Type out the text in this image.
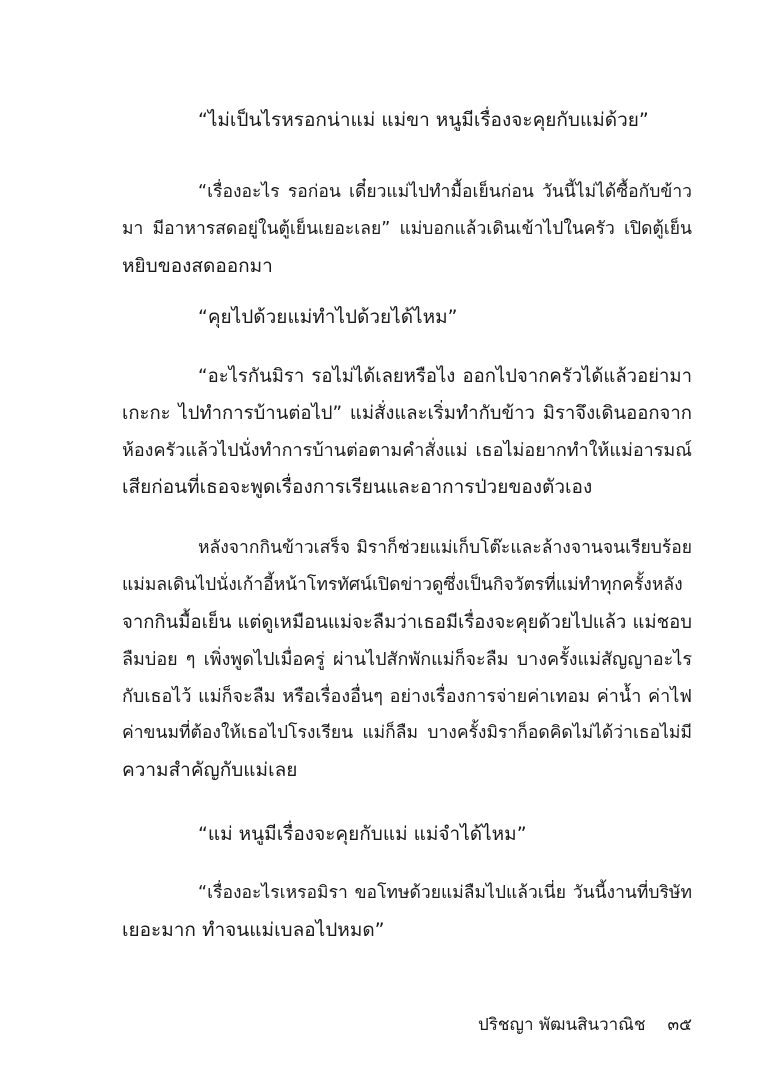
“ไม่เป็นไรหรอกน่าแม่ แม่ขา หนูมีเรื่องจะคุยกับแม่ด้วย”
“เรื่องอะไร รอก่อน เดี๋ยวแม่ไปทำมื้อเย็นก่อน วันนี้ไม่ได้ซื้อกับข้าว
มา มีอาหารสดอยู่ในตู้เย็นเยอะเลย” แม่บอกแล้วเดินเข้าไปในครัว เปิดตู้เย็น
หยิบของสดออกมา
“คุยไปด้วยแม่ทำไปด้วยได้ไหม”
“อะไรกันมิรา รอไม่ได้เลยหรือไง ออกไปจากครัวได้แล้วอย่ามา
เกะกะ ไปทำการบ้านต่อไป” แม่สั่งและเริ่มทำกับข้าว มิราจึงเดินออกจาก
ห้องครัวแล้วไปนั่งทำการบ้านต่อตามคำสั่งแม่ เธอไม่อยากทำให้แม่อารมณ์
เสียก่อนที่เธอจะพูดเรื่องการเรียนและอาการป่วยของตัวเอง
หลังจากกินข้าวเสร็จ มิราก็ช่วยแม่เก็บโต๊ะและล้างจานจนเรียบร้อย
แม่มลเดินไปนั่งเก้าอี้หน้าโทรทัศน์เปิดข่าวดูซึ่งเป็นกิจวัตรที่แม่ทำทุกครั้งหลัง
จากกินมื้อเย็น แต่ดูเหมือนแม่จะลืมว่าเธอมีเรื่องจะคุยด้วยไปแล้ว แม่ชอบ
ลืมบ่อย ๆ เพิ่งพูดไปเมื่อครู่ ผ่านไปสักพักแม่ก็จะลืม บางครั้งแม่สัญญาอะไร
กับเธอไว้ แม่ก็จะลืม หรือเรื่องอื่นๆ อย่างเรื่องการจ่ายค่าเทอม ค่าน้ำ ค่าไฟ
ค่าขนมที่ต้องให้เธอไปโรงเรียน แม่ก็ลืม บางครั้งมิราก็อดคิดไม่ได้ว่าเธอไม่มี
ความสำคัญกับแม่เลย
“แม่ หนูมีเรื่องจะคุยกับแม่ แม่จำได้ไหม”
“เรื่องอะไรเหรอมิรา ขอโทษด้วยแม่ลืมไปแล้วเนี่ย วันนี้งานที่บริษัท
เยอะมาก ทำจนแม่เบลอไปหมด”
ปริชญา พัฒนสินวาณิช ๓๕
